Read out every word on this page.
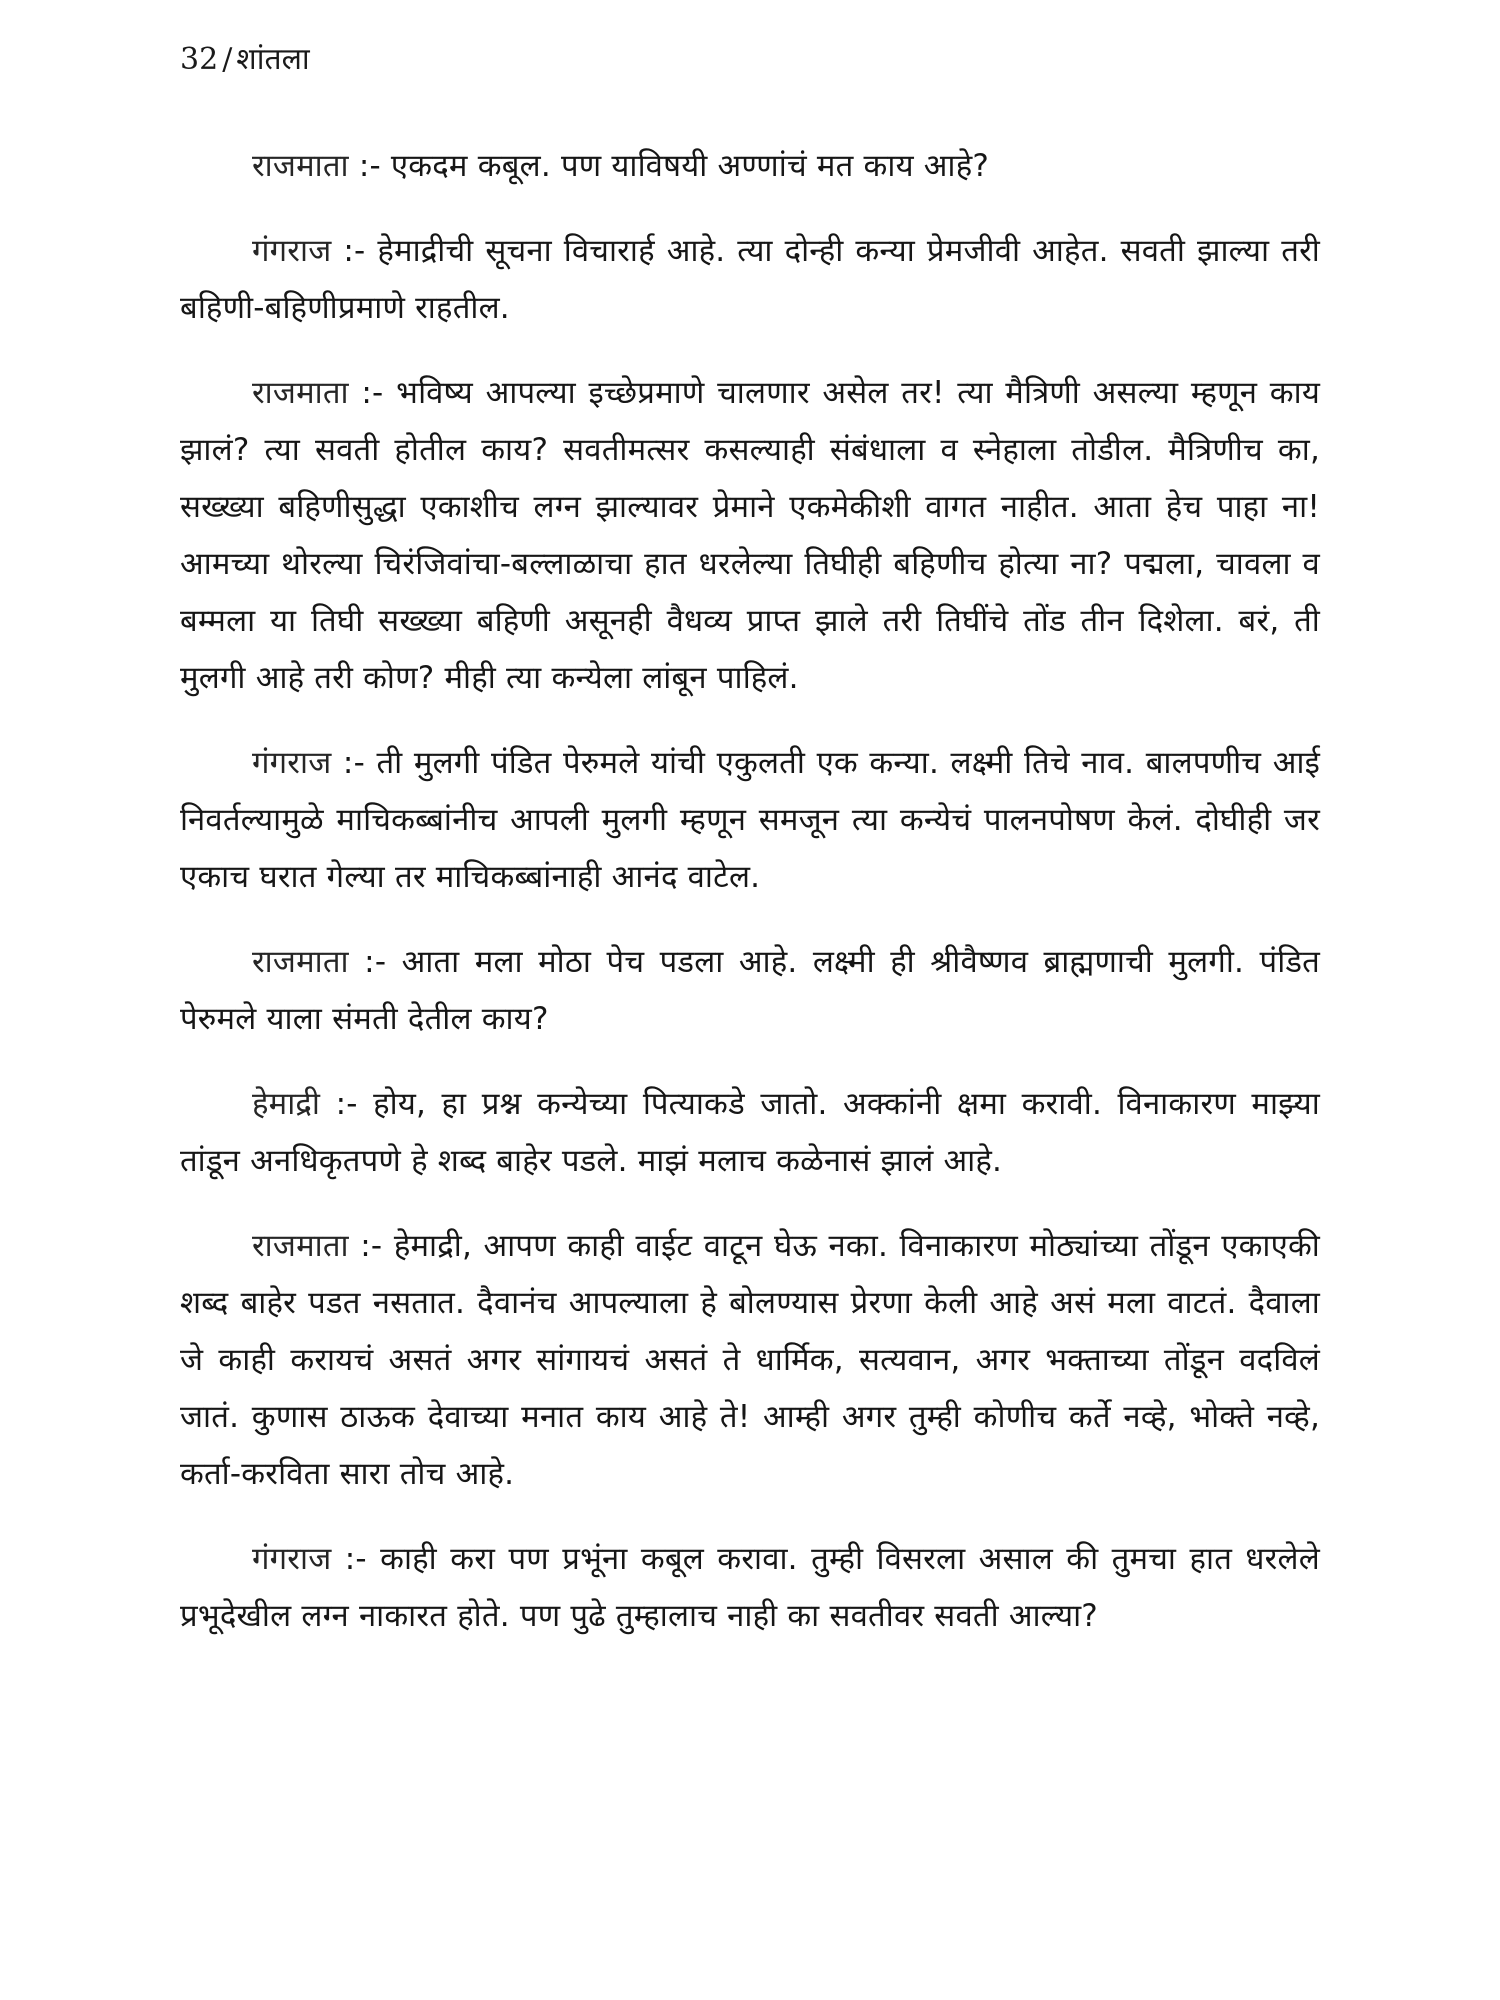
32 / शांतला

राजमाता :- एकदम कबूल. पण याविषयी अण्णांचं मत काय आहे?

गंगराज :- हेमाद्रीची सूचना विचारार्ह आहे. त्या दोन्ही कन्या प्रेमजीवी आहेत. सवती झाल्या तरी बहिणी-बहिणीप्रमाणे राहतील.

राजमाता :- भविष्य आपल्या इच्छेप्रमाणे चालणार असेल तर! त्या मैत्रिणी असल्या म्हणून काय झालं? त्या सवती होतील काय? सवतीमत्सर कसल्याही संबंधाला व स्नेहाला तोडील. मैत्रिणीच का, सख्ख्या बहिणीसुद्धा एकाशीच लग्न झाल्यावर प्रेमाने एकमेकीशी वागत नाहीत. आता हेच पाहा ना! आमच्या थोरल्या चिरंजिवांचा-बल्लाळाचा हात धरलेल्या तिघीही बहिणीच होत्या ना? पद्मला, चावला व बम्मला या तिघी सख्ख्या बहिणी असूनही वैधव्य प्राप्त झाले तरी तिघींचे तोंड तीन दिशेला. बरं, ती मुलगी आहे तरी कोण? मीही त्या कन्येला लांबून पाहिलं.

गंगराज :- ती मुलगी पंडित पेरुमले यांची एकुलती एक कन्या. लक्ष्मी तिचे नाव. बालपणीच आई निवर्तल्यामुळे माचिकब्बांनीच आपली मुलगी म्हणून समजून त्या कन्येचं पालनपोषण केलं. दोघीही जर एकाच घरात गेल्या तर माचिकब्बांनाही आनंद वाटेल.

राजमाता :- आता मला मोठा पेच पडला आहे. लक्ष्मी ही श्रीवैष्णव ब्राह्मणाची मुलगी. पंडित पेरुमले याला संमती देतील काय?

हेमाद्री :- होय, हा प्रश्न कन्येच्या पित्याकडे जातो. अक्कांनी क्षमा करावी. विनाकारण माझ्या तांडून अनधिकृतपणे हे शब्द बाहेर पडले. माझं मलाच कळेनासं झालं आहे.

राजमाता :- हेमाद्री, आपण काही वाईट वाटून घेऊ नका. विनाकारण मोठ्यांच्या तोंडून एकाएकी शब्द बाहेर पडत नसतात. दैवानंच आपल्याला हे बोलण्यास प्रेरणा केली आहे असं मला वाटतं. दैवाला जे काही करायचं असतं अगर सांगायचं असतं ते धार्मिक, सत्यवान, अगर भक्ताच्या तोंडून वदविलं जातं. कुणास ठाऊक देवाच्या मनात काय आहे ते! आम्ही अगर तुम्ही कोणीच कर्ते नव्हे, भोक्ते नव्हे, कर्ता-करविता सारा तोच आहे.

गंगराज :- काही करा पण प्रभूंना कबूल करावा. तुम्ही विसरला असाल की तुमचा हात धरलेले प्रभूदेखील लग्न नाकारत होते. पण पुढे तुम्हालाच नाही का सवतीवर सवती आल्या?
